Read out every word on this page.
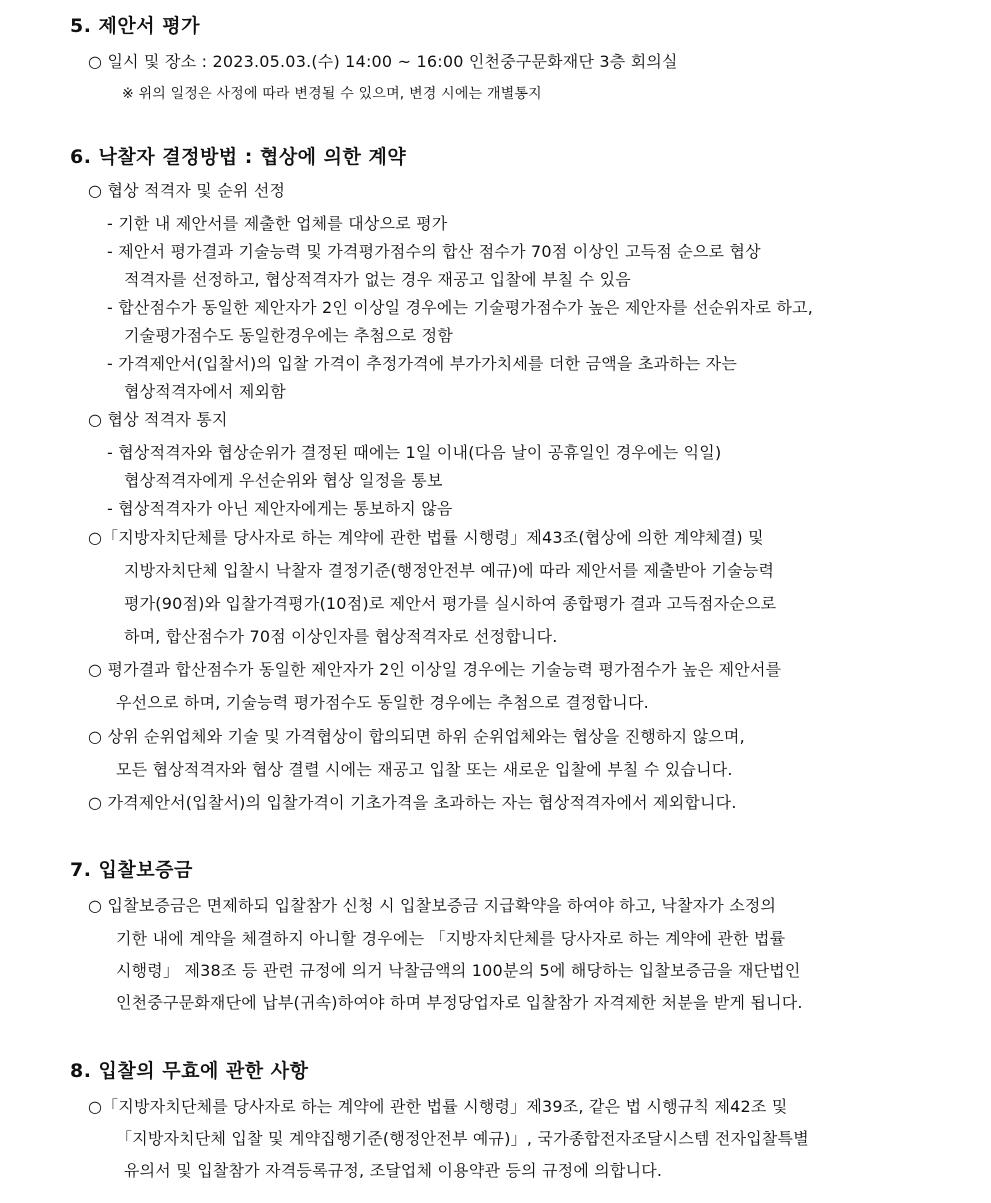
5. 제안서 평가
○ 일시 및 장소 : 2023.05.03.(수) 14:00 ~ 16:00 인천중구문화재단 3층 회의실
※ 위의 일정은 사정에 따라 변경될 수 있으며, 변경 시에는 개별통지
6. 낙찰자 결정방법 : 협상에 의한 계약
○ 협상 적격자 및 순위 선정
- 기한 내 제안서를 제출한 업체를 대상으로 평가
- 제안서 평가결과 기술능력 및 가격평가점수의 합산 점수가 70점 이상인 고득점 순으로 협상
적격자를 선정하고, 협상적격자가 없는 경우 재공고 입찰에 부칠 수 있음
- 합산점수가 동일한 제안자가 2인 이상일 경우에는 기술평가점수가 높은 제안자를 선순위자로 하고,
기술평가점수도 동일한경우에는 추첨으로 정함
- 가격제안서(입찰서)의 입찰 가격이 추정가격에 부가가치세를 더한 금액을 초과하는 자는
협상적격자에서 제외함
○ 협상 적격자 통지
- 협상적격자와 협상순위가 결정된 때에는 1일 이내(다음 날이 공휴일인 경우에는 익일)
협상적격자에게 우선순위와 협상 일정을 통보
- 협상적격자가 아닌 제안자에게는 통보하지 않음
○「지방자치단체를 당사자로 하는 계약에 관한 법률 시행령」제43조(협상에 의한 계약체결) 및
지방자치단체 입찰시 낙찰자 결정기준(행정안전부 예규)에 따라 제안서를 제출받아 기술능력
평가(90점)와 입찰가격평가(10점)로 제안서 평가를 실시하여 종합평가 결과 고득점자순으로
하며, 합산점수가 70점 이상인자를 협상적격자로 선정합니다.
○ 평가결과 합산점수가 동일한 제안자가 2인 이상일 경우에는 기술능력 평가점수가 높은 제안서를
우선으로 하며, 기술능력 평가점수도 동일한 경우에는 추첨으로 결정합니다.
○ 상위 순위업체와 기술 및 가격협상이 합의되면 하위 순위업체와는 협상을 진행하지 않으며,
모든 협상적격자와 협상 결렬 시에는 재공고 입찰 또는 새로운 입찰에 부칠 수 있습니다.
○ 가격제안서(입찰서)의 입찰가격이 기초가격을 초과하는 자는 협상적격자에서 제외합니다.
7. 입찰보증금
○ 입찰보증금은 면제하되 입찰참가 신청 시 입찰보증금 지급확약을 하여야 하고, 낙찰자가 소정의
기한 내에 계약을 체결하지 아니할 경우에는 「지방자치단체를 당사자로 하는 계약에 관한 법률
시행령」 제38조 등 관련 규정에 의거 낙찰금액의 100분의 5에 해당하는 입찰보증금을 재단법인
인천중구문화재단에 납부(귀속)하여야 하며 부정당업자로 입찰참가 자격제한 처분을 받게 됩니다.
8. 입찰의 무효에 관한 사항
○「지방자치단체를 당사자로 하는 계약에 관한 법률 시행령」제39조, 같은 법 시행규칙 제42조 및
「지방자치단체 입찰 및 계약집행기준(행정안전부 예규)」, 국가종합전자조달시스템 전자입찰특별
유의서 및 입찰참가 자격등록규정, 조달업체 이용약관 등의 규정에 의합니다.
